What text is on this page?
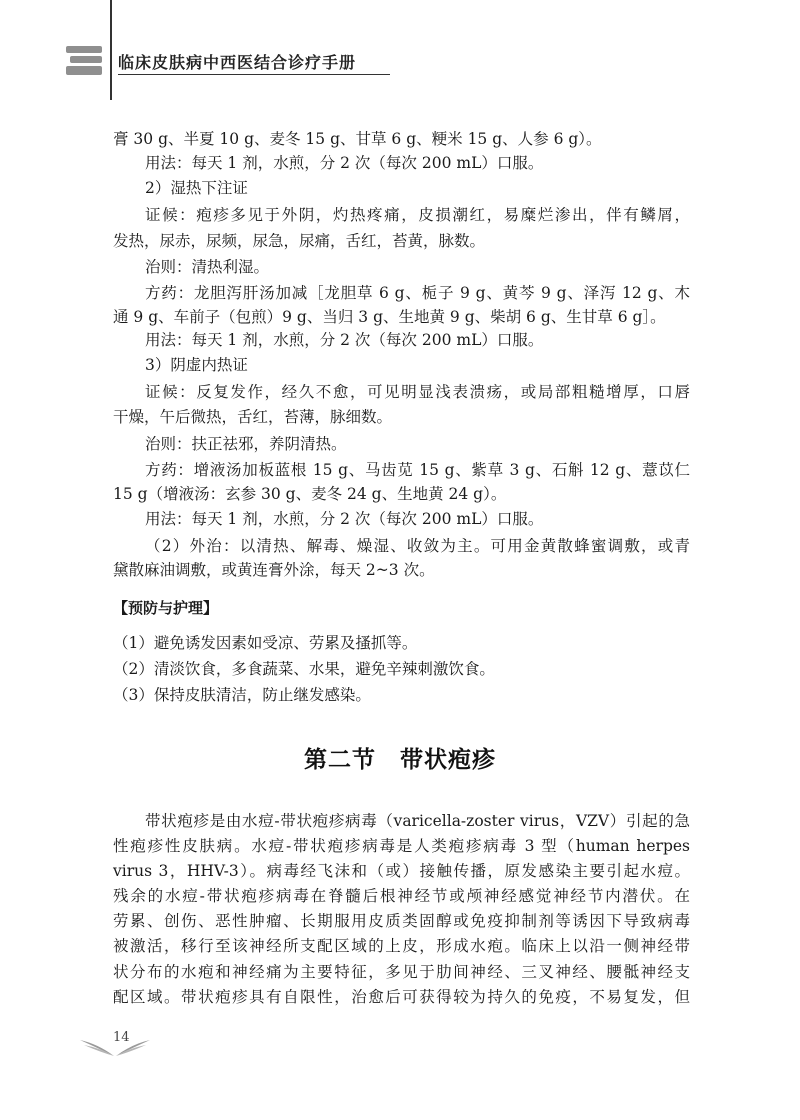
临床皮肤病中西医结合诊疗手册
膏 30 g、半夏 10 g、麦冬 15 g、甘草 6 g、粳米 15 g、人参 6 g）。
用法：每天 1 剂，水煎，分 2 次（每次 200 mL）口服。
2）湿热下注证
证候：疱疹多见于外阴，灼热疼痛，皮损潮红，易糜烂渗出，伴有鳞屑，
发热，尿赤，尿频，尿急，尿痛，舌红，苔黄，脉数。
治则：清热利湿。
方药：龙胆泻肝汤加减［龙胆草 6 g、栀子 9 g、黄芩 9 g、泽泻 12 g、木
通 9 g、车前子（包煎）9 g、当归 3 g、生地黄 9 g、柴胡 6 g、生甘草 6 g］。
用法：每天 1 剂，水煎，分 2 次（每次 200 mL）口服。
3）阴虚内热证
证候：反复发作，经久不愈，可见明显浅表溃疡，或局部粗糙增厚，口唇
干燥，午后微热，舌红，苔薄，脉细数。
治则：扶正祛邪，养阴清热。
方药：增液汤加板蓝根 15 g、马齿苋 15 g、紫草 3 g、石斛 12 g、薏苡仁
15 g（增液汤：玄参 30 g、麦冬 24 g、生地黄 24 g）。
用法：每天 1 剂，水煎，分 2 次（每次 200 mL）口服。
（2）外治：以清热、解毒、燥湿、收敛为主。可用金黄散蜂蜜调敷，或青
黛散麻油调敷，或黄连膏外涂，每天 2~3 次。
【预防与护理】
（1）避免诱发因素如受凉、劳累及搔抓等。
（2）清淡饮食，多食蔬菜、水果，避免辛辣刺激饮食。
（3）保持皮肤清洁，防止继发感染。
第二节　带状疱疹
带状疱疹是由水痘-带状疱疹病毒（varicella-zoster virus，VZV）引起的急
性疱疹性皮肤病。水痘-带状疱疹病毒是人类疱疹病毒 3 型（human herpes
virus 3，HHV-3）。病毒经飞沫和（或）接触传播，原发感染主要引起水痘。
残余的水痘-带状疱疹病毒在脊髓后根神经节或颅神经感觉神经节内潜伏。在
劳累、创伤、恶性肿瘤、长期服用皮质类固醇或免疫抑制剂等诱因下导致病毒
被激活，移行至该神经所支配区域的上皮，形成水疱。临床上以沿一侧神经带
状分布的水疱和神经痛为主要特征，多见于肋间神经、三叉神经、腰骶神经支
配区域。带状疱疹具有自限性，治愈后可获得较为持久的免疫，不易复发，但
14
